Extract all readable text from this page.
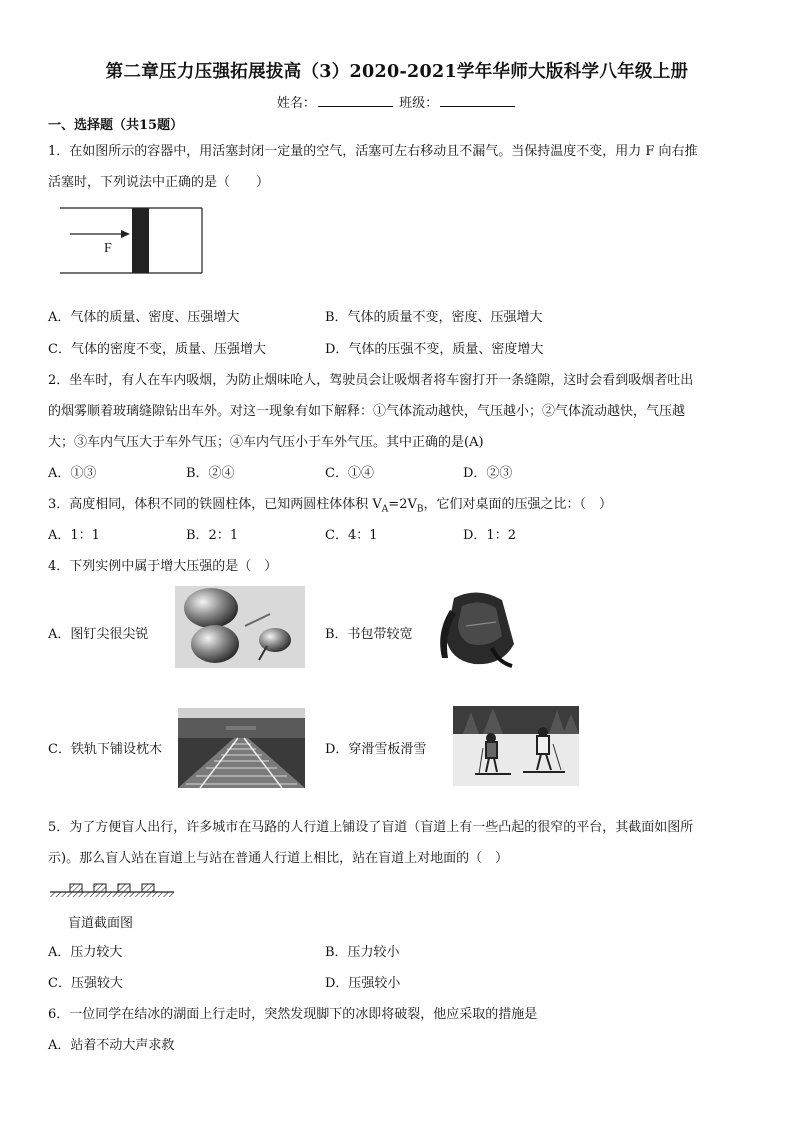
第二章压力压强拓展拔高（3）2020-2021学年华师大版科学八年级上册
姓名：	班级：
一、选择题（共15题）
1．在如图所示的容器中，用活塞封闭一定量的空气，活塞可左右移动且不漏气。当保持温度不变，用力 F 向右推
活塞时，下列说法中正确的是（　　）
F
A．气体的质量、密度、压强增大	B．气体的质量不变，密度、压强增大
C．气体的密度不变，质量、压强增大	D．气体的压强不变，质量、密度增大
2．坐车时，有人在车内吸烟，为防止烟味呛人，驾驶员会让吸烟者将车窗打开一条缝隙，这时会看到吸烟者吐出
的烟雾顺着玻璃缝隙钻出车外。对这一现象有如下解释：①气体流动越快，气压越小；②气体流动越快，气压越
大；③车内气压大于车外气压；④车内气压小于车外气压。其中正确的是(A)
A．①③	B．②④	C．①④	D．②③
3．高度相同，体积不同的铁圆柱体，已知两圆柱体体积 $V_A=2V_B$，它们对桌面的压强之比：（　）
A．1：1	B．2：1	C．4：1	D．1：2
4．下列实例中属于增大压强的是（　）
A．图钉尖很尖锐	B．书包带较宽
C．铁轨下铺设枕木	D．穿滑雪板滑雪
5．为了方便盲人出行，许多城市在马路的人行道上铺设了盲道（盲道上有一些凸起的很窄的平台，其截面如图所
示)。那么盲人站在盲道上与站在普通人行道上相比，站在盲道上对地面的（　）
盲道截面图
A．压力较大	B．压力较小
C．压强较大	D．压强较小
6．一位同学在结冰的湖面上行走时，突然发现脚下的冰即将破裂，他应采取的措施是
A．站着不动大声求救
